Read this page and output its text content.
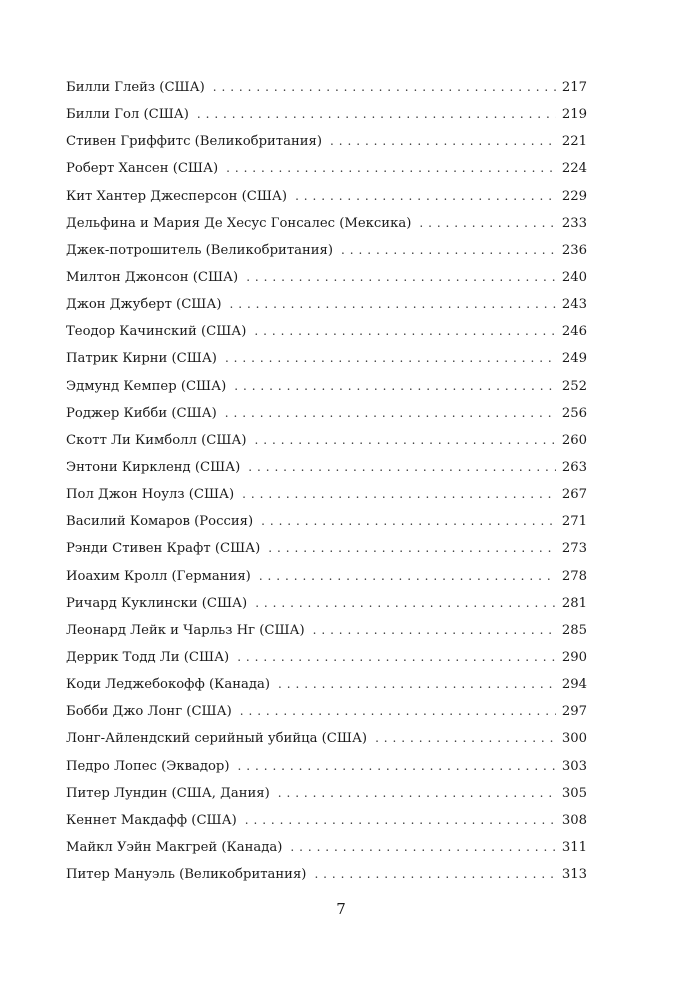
Билли Глейз (США) . . .	217
Билли Гол (США) . . .	219
Стивен Гриффитс (Великобритания) . . .	221
Роберт Хансен (США) . . .	224
Кит Хантер Джесперсон (США) . . .	229
Дельфина и Мария Де Хесус Гонсалес (Мексика) . . .	233
Джек-потрошитель (Великобритания) . . .	236
Милтон Джонсон (США) . . .	240
Джон Джуберт (США) . . .	243
Теодор Качинский (США) . . .	246
Патрик Кирни (США) . . .	249
Эдмунд Кемпер (США) . . .	252
Роджер Кибби (США) . . .	256
Скотт Ли Кимболл (США) . . .	260
Энтони Киркленд (США) . . .	263
Пол Джон Ноулз (США) . . .	267
Василий Комаров (Россия) . . .	271
Рэнди Стивен Крафт (США) . . .	273
Иоахим Кролл (Германия) . . .	278
Ричард Куклински (США) . . .	281
Леонард Лейк и Чарльз Нг (США) . . .	285
Деррик Тодд Ли (США) . . .	290
Коди Леджебокофф (Канада) . . .	294
Бобби Джо Лонг (США) . . .	297
Лонг-Айлендский серийный убийца (США) . . .	300
Педро Лопес (Эквадор) . . .	303
Питер Лундин (США, Дания) . . .	305
Кеннет Макдафф (США) . . .	308
Майкл Уэйн Макгрей (Канада) . . .	311
Питер Мануэль (Великобритания) . . .	313
7
